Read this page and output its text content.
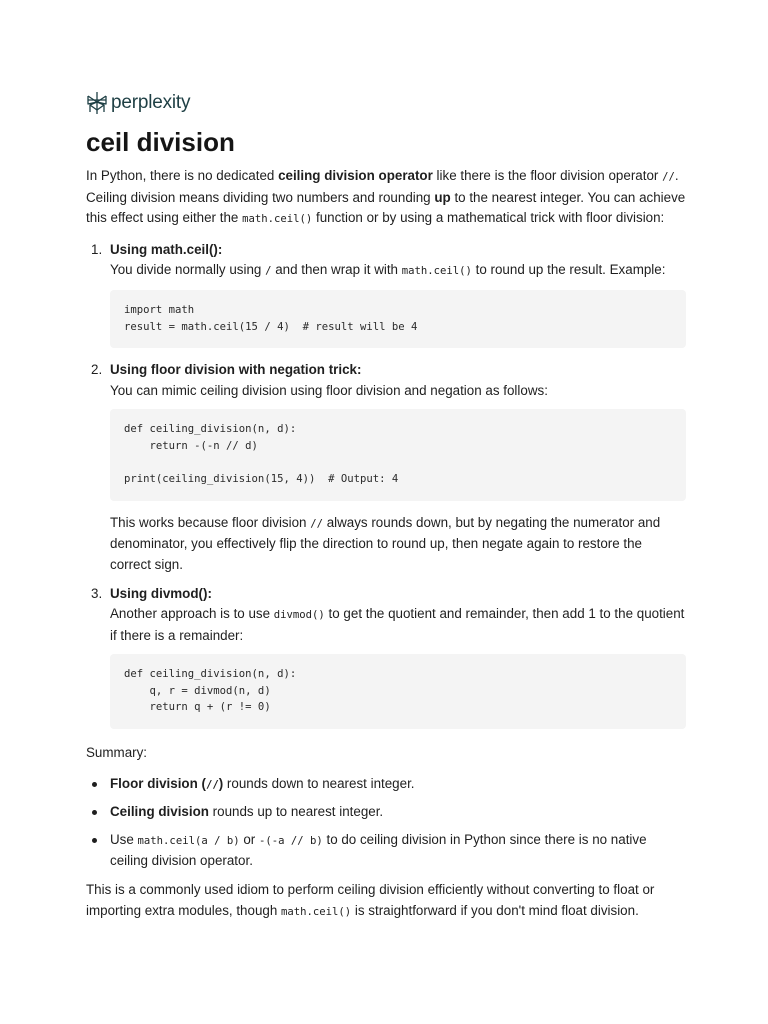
perplexity
ceil division

In Python, there is no dedicated ceiling division operator like there is the floor division operator //. Ceiling division means dividing two numbers and rounding up to the nearest integer. You can achieve this effect using either the math.ceil() function or by using a mathematical trick with floor division:

1. Using math.ceil():
You divide normally using / and then wrap it with math.ceil() to round up the result. Example:
import math
result = math.ceil(15 / 4)  # result will be 4
2. Using floor division with negation trick:
You can mimic ceiling division using floor division and negation as follows:
def ceiling_division(n, d):
return -(-n // d)

print(ceiling_division(15, 4))  # Output: 4
This works because floor division // always rounds down, but by negating the numerator and denominator, you effectively flip the direction to round up, then negate again to restore the correct sign.
3. Using divmod():
Another approach is to use divmod() to get the quotient and remainder, then add 1 to the quotient if there is a remainder:
def ceiling_division(n, d):
q, r = divmod(n, d)
return q + (r != 0)
Summary:
Floor division (//) rounds down to nearest integer.
Ceiling division rounds up to nearest integer.
Use math.ceil(a / b) or -(-a // b) to do ceiling division in Python since there is no native ceiling division operator.

This is a commonly used idiom to perform ceiling division efficiently without converting to float or importing extra modules, though math.ceil() is straightforward if you don't mind float division.
